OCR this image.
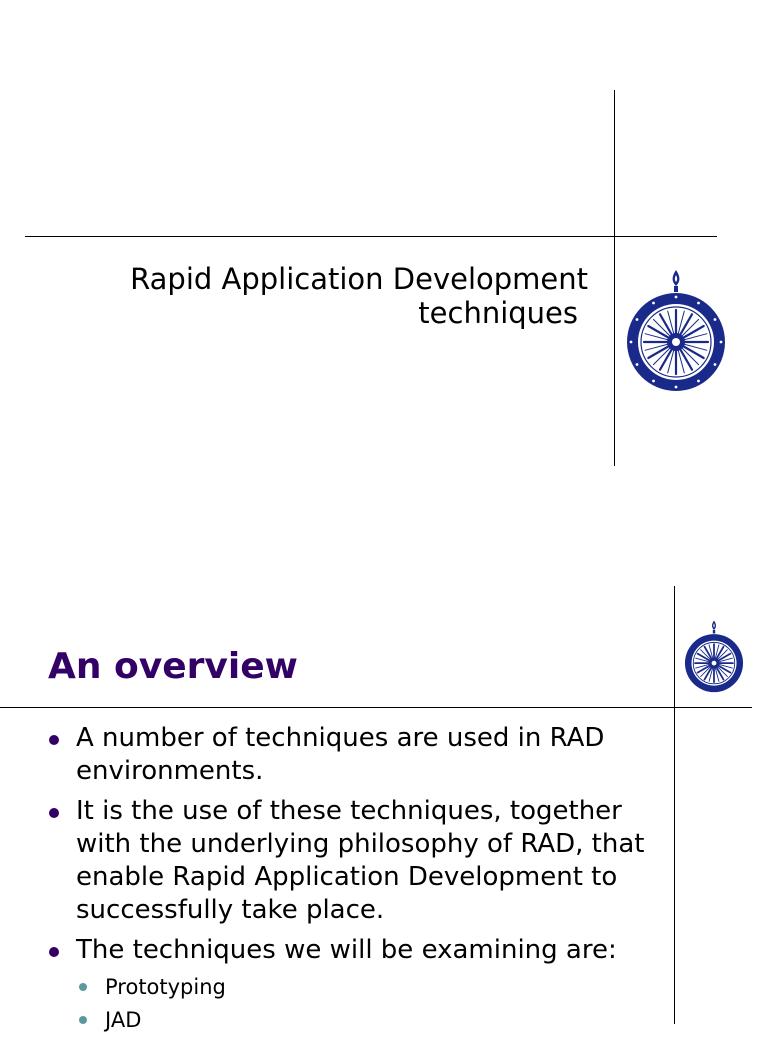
Rapid Application Development
techniques
An overview
A number of techniques are used in RAD environments.
It is the use of these techniques, together with the underlying philosophy of RAD, that enable Rapid Application Development to successfully take place.
The techniques we will be examining are:
Prototyping
JAD
